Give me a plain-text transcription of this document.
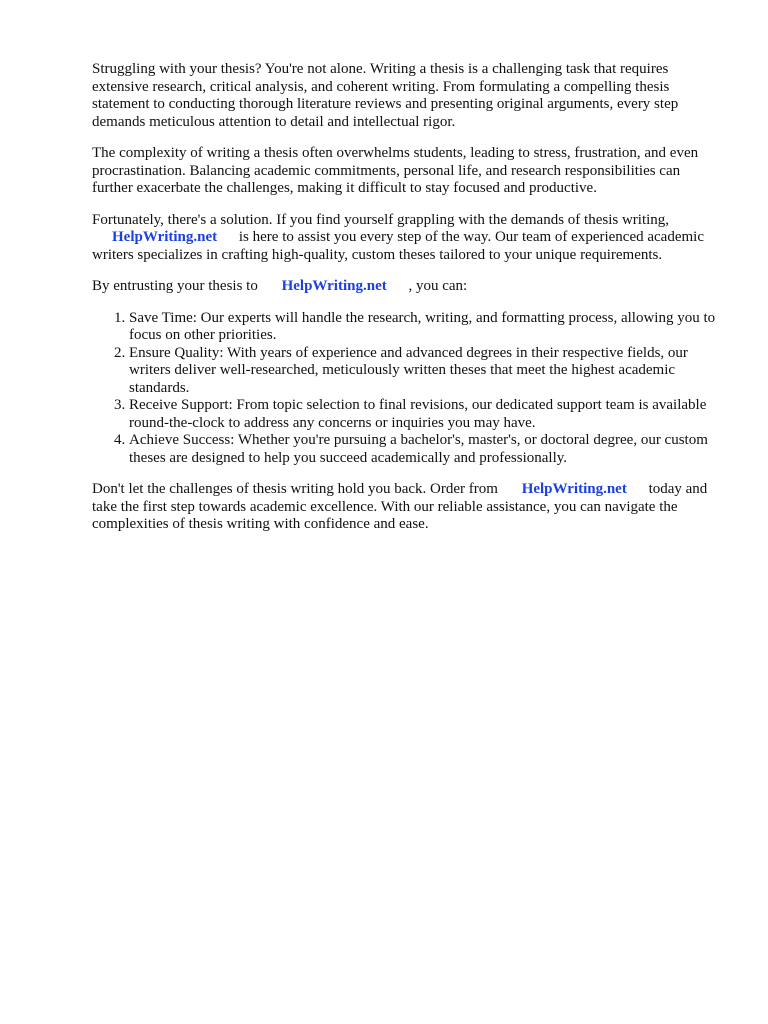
Struggling with your thesis? You're not alone. Writing a thesis is a challenging task that requires extensive research, critical analysis, and coherent writing. From formulating a compelling thesis statement to conducting thorough literature reviews and presenting original arguments, every step demands meticulous attention to detail and intellectual rigor.

The complexity of writing a thesis often overwhelms students, leading to stress, frustration, and even procrastination. Balancing academic commitments, personal life, and research responsibilities can further exacerbate the challenges, making it difficult to stay focused and productive.

Fortunately, there's a solution. If you find yourself grappling with the demands of thesis writing, HelpWriting.net is here to assist you every step of the way. Our team of experienced academic writers specializes in crafting high-quality, custom theses tailored to your unique requirements.

By entrusting your thesis to HelpWriting.net , you can:

1. Save Time: Our experts will handle the research, writing, and formatting process, allowing you to focus on other priorities.
2. Ensure Quality: With years of experience and advanced degrees in their respective fields, our writers deliver well-researched, meticulously written theses that meet the highest academic standards.
3. Receive Support: From topic selection to final revisions, our dedicated support team is available round-the-clock to address any concerns or inquiries you may have.
4. Achieve Success: Whether you're pursuing a bachelor's, master's, or doctoral degree, our custom theses are designed to help you succeed academically and professionally.

Don't let the challenges of thesis writing hold you back. Order from HelpWriting.net today and take the first step towards academic excellence. With our reliable assistance, you can navigate the complexities of thesis writing with confidence and ease.
